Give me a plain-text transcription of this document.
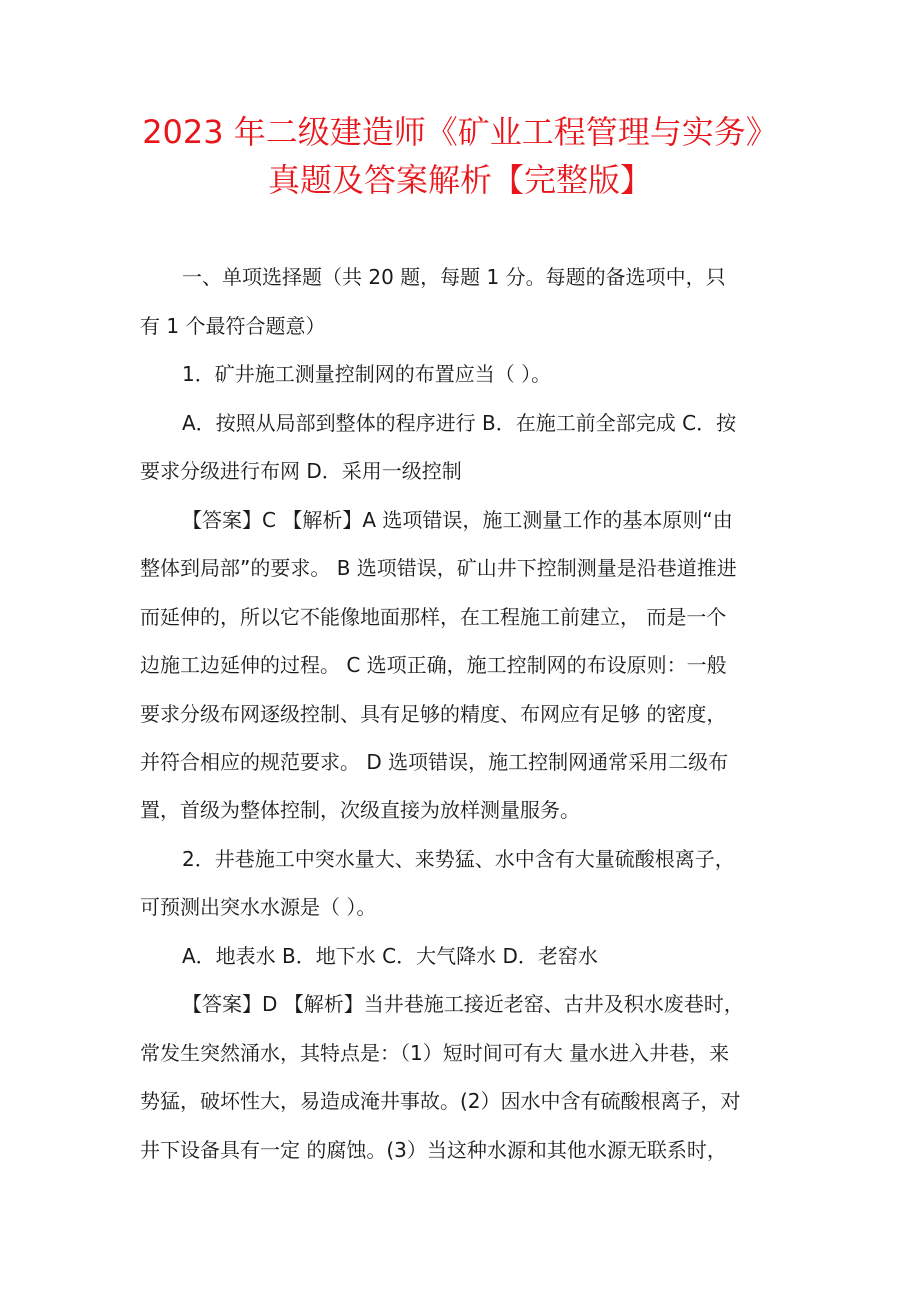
2023 年二级建造师《矿业工程管理与实务》
真题及答案解析【完整版】

一、单项选择题（共 20 题，每题 1 分。每题的备选项中，只

有 1 个最符合题意）

1．矿井施工测量控制网的布置应当（ ）。

A．按照从局部到整体的程序进行 B．在施工前全部完成 C．按

要求分级进行布网 D．采用一级控制

【答案】C 【解析】A 选项错误，施工测量工作的基本原则“由

整体到局部”的要求。 B 选项错误，矿山井下控制测量是沿巷道推进

而延伸的，所以它不能像地面那样，在工程施工前建立， 而是一个

边施工边延伸的过程。 C 选项正确，施工控制网的布设原则：一般

要求分级布网逐级控制、具有足够的精度、布网应有足够 的密度，

并符合相应的规范要求。 D 选项错误，施工控制网通常采用二级布

置，首级为整体控制，次级直接为放样测量服务。

2．井巷施工中突水量大、来势猛、水中含有大量硫酸根离子，

可预测出突水水源是（ ）。

A．地表水 B．地下水 C．大气降水 D．老窑水

【答案】D 【解析】当井巷施工接近老窑、古井及积水废巷时，

常发生突然涌水，其特点是：（1）短时间可有大 量水进入井巷，来

势猛，破坏性大，易造成淹井事故。(2）因水中含有硫酸根离子，对

井下设备具有一定 的腐蚀。(3）当这种水源和其他水源无联系时，
